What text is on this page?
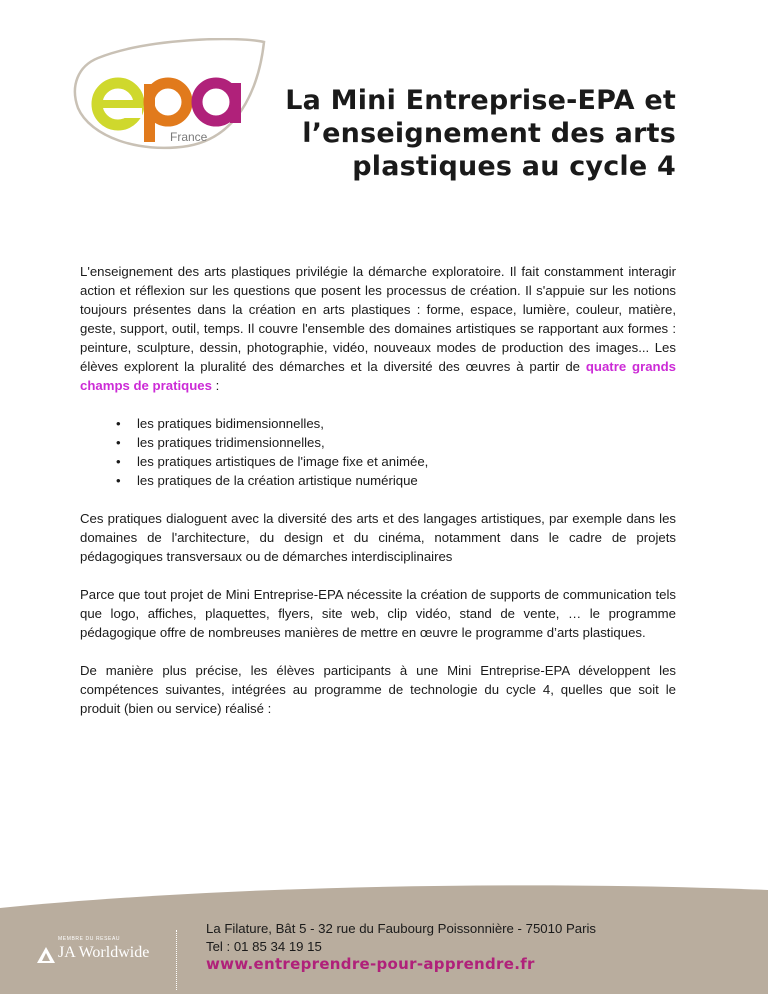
France
La Mini Entreprise-EPA et
l’enseignement des arts
plastiques au cycle 4

L'enseignement des arts plastiques privilégie la démarche exploratoire. Il fait constamment interagir action et réflexion sur les questions que posent les processus de création. Il s'appuie sur les notions toujours présentes dans la création en arts plastiques : forme, espace, lumière, couleur, matière, geste, support, outil, temps. Il couvre l'ensemble des domaines artistiques se rapportant aux formes : peinture, sculpture, dessin, photographie, vidéo, nouveaux modes de production des images... Les élèves explorent la pluralité des démarches et la diversité des œuvres à partir de quatre grands champs de pratiques :

• les pratiques bidimensionnelles,
• les pratiques tridimensionnelles,
• les pratiques artistiques de l'image fixe et animée,
• les pratiques de la création artistique numérique

Ces pratiques dialoguent avec la diversité des arts et des langages artistiques, par exemple dans les domaines de l'architecture, du design et du cinéma, notamment dans le cadre de projets pédagogiques transversaux ou de démarches interdisciplinaires

Parce que tout projet de Mini Entreprise-EPA nécessite la création de supports de communication tels que logo, affiches, plaquettes, flyers, site web, clip vidéo, stand de vente, … le programme pédagogique offre de nombreuses manières de mettre en œuvre le programme d’arts plastiques.

De manière plus précise, les élèves participants à une Mini Entreprise-EPA développent les compétences suivantes, intégrées au programme de technologie du cycle 4, quelles que soit le produit (bien ou service) réalisé :

MEMBRE DU RESEAU
JA Worldwide
La Filature, Bât 5 - 32 rue du Faubourg Poissonnière - 75010 Paris
Tel : 01 85 34 19 15
www.entreprendre-pour-apprendre.fr
